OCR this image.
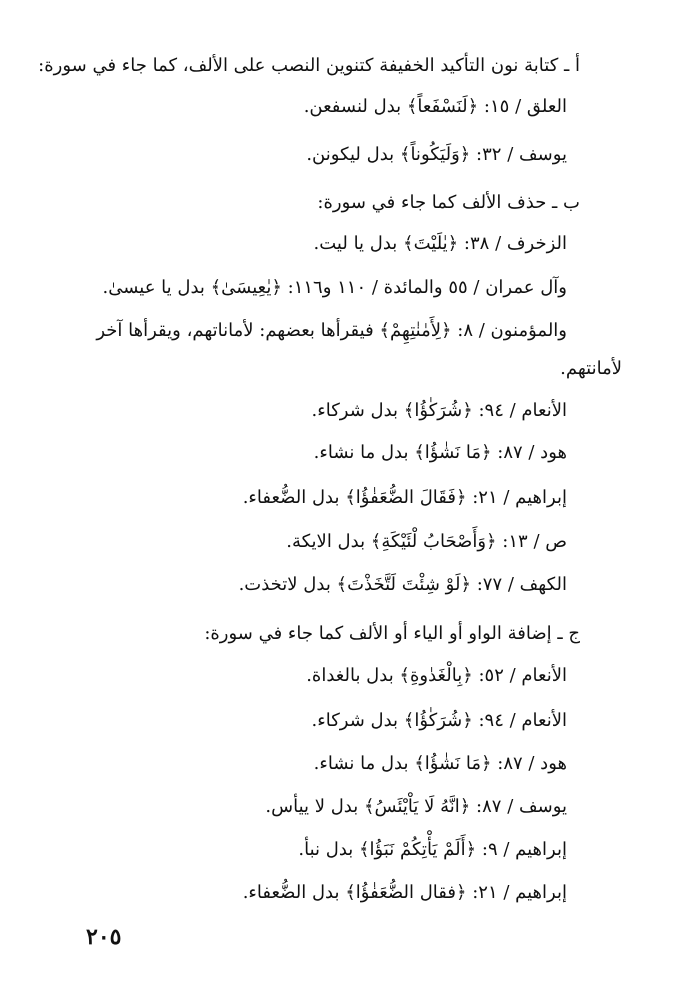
أ ـ كتابة نون التأكيد الخفيفة كتنوين النصب على الألف، كما جاء في سورة:
العلق / ١٥: ﴿لَنَسْفَعاً﴾ بدل لنسفعن.
يوسف / ٣٢: ﴿وَلَيَكُوناً﴾ بدل ليكونن.
ب ـ حذف الألف كما جاء في سورة:
الزخرف / ٣٨: ﴿يٰلَيْتَ﴾ بدل يا ليت.
وآل عمران / ٥٥ والمائدة / ١١٠ و١١٦: ﴿يٰعِيسَىٰ﴾ بدل يا عيسىٰ.
والمؤمنون / ٨: ﴿لِأَمٰنٰتِهِمْ﴾ فيقرأها بعضهم: لأماناتهم، ويقرأها آخر
لأمانتهم.
الأنعام / ٩٤: ﴿شُرَكٰؤُا﴾ بدل شركاء.
هود / ٨٧: ﴿مَا نَشٰؤُا﴾ بدل ما نشاء.
إبراهيم / ٢١: ﴿فَقَالَ الضُّعَفٰؤُا﴾ بدل الضُّعفاء.
ص / ١٣: ﴿وَأَصْحَابُ لْئَيْكَةِ﴾ بدل الايكة.
الكهف / ٧٧: ﴿لَوْ شِئْتَ لَتَّخَذْتَ﴾ بدل لاتخذت.
ج ـ إضافة الواو أو الياء أو الألف كما جاء في سورة:
الأنعام / ٥٢: ﴿بِالْغَدٰوةِ﴾ بدل بالغداة.
الأنعام / ٩٤: ﴿شُرَكٰؤُا﴾ بدل شركاء.
هود / ٨٧: ﴿مَا نَشٰؤُا﴾ بدل ما نشاء.
يوسف / ٨٧: ﴿انَّهُ لَا يَاْيْئَسُ﴾ بدل لا ييأس.
إبراهيم / ٩: ﴿أَلَمْ يَأْتِكُمْ نَبَؤُا﴾ بدل نبأ.
إبراهيم / ٢١: ﴿فقال الضُّعَفٰؤُا﴾ بدل الضُّعفاء.
٢٠٥
